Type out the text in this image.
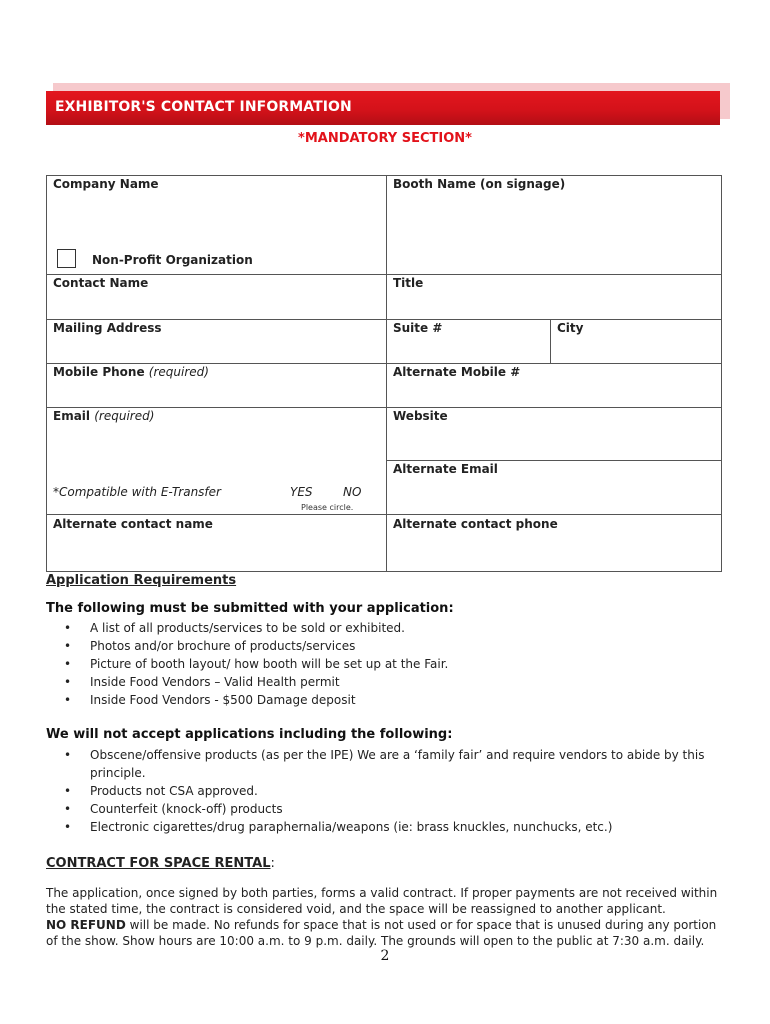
EXHIBITOR'S CONTACT INFORMATION
*MANDATORY SECTION*
Company Name	Booth Name (on signage)
Non-Profit Organization
Contact Name	Title
Mailing Address	Suite #	City
Mobile Phone (required)	Alternate Mobile #
Email (required)	Website
Alternate Email
*Compatible with E-Transfer	YES	NO
Please circle.
Alternate contact name	Alternate contact phone
Application Requirements
The following must be submitted with your application:
• A list of all products/services to be sold or exhibited.
• Photos and/or brochure of products/services
• Picture of booth layout/ how booth will be set up at the Fair.
• Inside Food Vendors – Valid Health permit
• Inside Food Vendors - $500 Damage deposit
We will not accept applications including the following:
• Obscene/offensive products (as per the IPE) We are a ‘family fair’ and require vendors to abide by this
principle.
• Products not CSA approved.
• Counterfeit (knock-off) products
• Electronic cigarettes/drug paraphernalia/weapons (ie: brass knuckles, nunchucks, etc.)
CONTRACT FOR SPACE RENTAL:
The application, once signed by both parties, forms a valid contract. If proper payments are not received within
the stated time, the contract is considered void, and the space will be reassigned to another applicant.
NO REFUND will be made. No refunds for space that is not used or for space that is unused during any portion
of the show. Show hours are 10:00 a.m. to 9 p.m. daily. The grounds will open to the public at 7:30 a.m. daily.
2
